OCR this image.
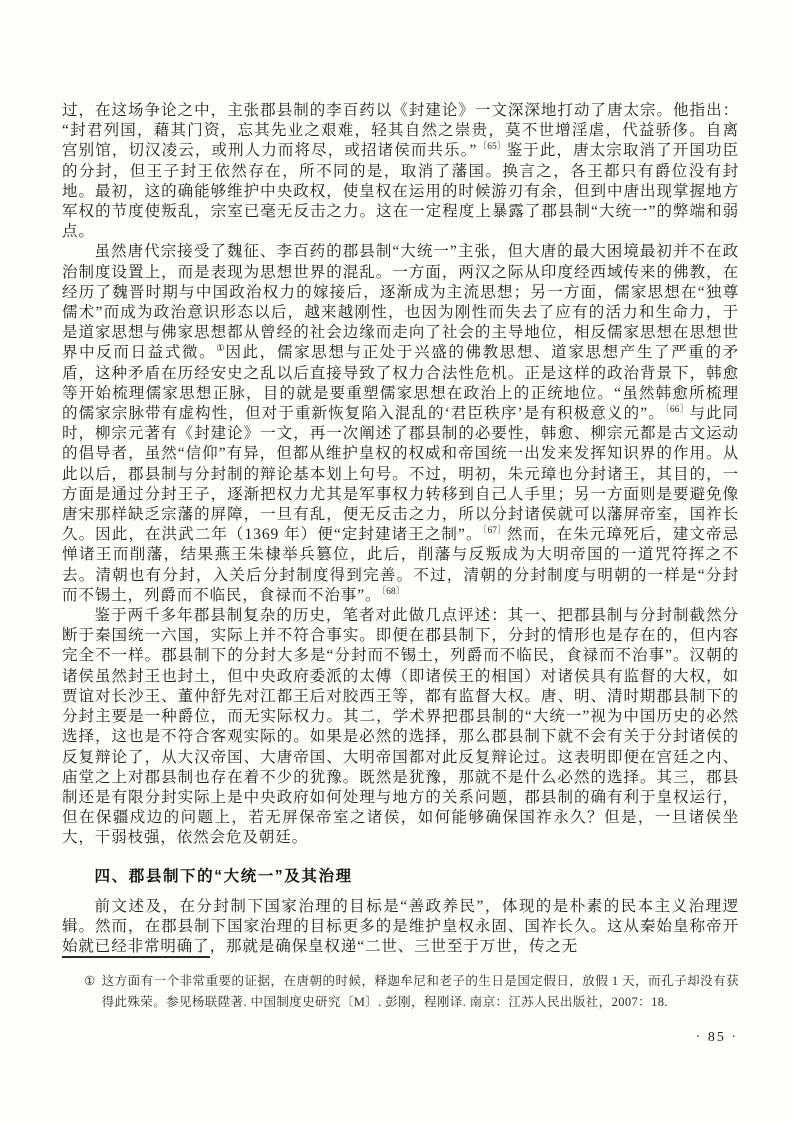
过，在这场争论之中，主张郡县制的李百药以《封建论》一文深深地打动了唐太宗。他指出：“封君列国，藉其门资，忘其先业之艰难，轻其自然之崇贵，莫不世增淫虐，代益骄侈。自离宫别馆，切汉凌云，或刑人力而将尽，或招诸侯而共乐。”$^{〔65〕}$鉴于此，唐太宗取消了开国功臣的分封，但王子封王依然存在，所不同的是，取消了藩国。换言之，各王都只有爵位没有封地。最初，这的确能够维护中央政权，使皇权在运用的时候游刃有余，但到中唐出现掌握地方军权的节度使叛乱，宗室已毫无反击之力。这在一定程度上暴露了郡县制“大统一”的弊端和弱点。

虽然唐代宗接受了魏征、李百药的郡县制“大统一”主张，但大唐的最大困境最初并不在政治制度设置上，而是表现为思想世界的混乱。一方面，两汉之际从印度经西域传来的佛教，在经历了魏晋时期与中国政治权力的嫁接后，逐渐成为主流思想；另一方面，儒家思想在“独尊儒术”而成为政治意识形态以后，越来越刚性，也因为刚性而失去了应有的活力和生命力，于是道家思想与佛家思想都从曾经的社会边缘而走向了社会的主导地位，相反儒家思想在思想世界中反而日益式微。①因此，儒家思想与正处于兴盛的佛教思想、道家思想产生了严重的矛盾，这种矛盾在历经安史之乱以后直接导致了权力合法性危机。正是这样的政治背景下，韩愈等开始梳理儒家思想正脉，目的就是要重塑儒家思想在政治上的正统地位。“虽然韩愈所梳理的儒家宗脉带有虚构性，但对于重新恢复陷入混乱的‘君臣秩序’是有积极意义的”。$^{〔66〕}$与此同时，柳宗元著有《封建论》一文，再一次阐述了郡县制的必要性，韩愈、柳宗元都是古文运动的倡导者，虽然“信仰”有异，但都从维护皇权的权威和帝国统一出发来发挥知识界的作用。从此以后，郡县制与分封制的辩论基本划上句号。不过，明初，朱元璋也分封诸王，其目的，一方面是通过分封王子，逐渐把权力尤其是军事权力转移到自己人手里；另一方面则是要避免像唐宋那样缺乏宗藩的屏障，一旦有乱，便无反击之力，所以分封诸侯就可以藩屏帝室，国祚长久。因此，在洪武二年（1369 年）便“定封建诸王之制”。$^{〔67〕}$然而，在朱元璋死后，建文帝忌惮诸王而削藩，结果燕王朱棣举兵篡位，此后，削藩与反叛成为大明帝国的一道咒符挥之不去。清朝也有分封，入关后分封制度得到完善。不过，清朝的分封制度与明朝的一样是“分封而不锡土，列爵而不临民，食禄而不治事”。$^{〔68〕}$

鉴于两千多年郡县制复杂的历史，笔者对此做几点评述：其一、把郡县制与分封制截然分断于秦国统一六国，实际上并不符合事实。即便在郡县制下，分封的情形也是存在的，但内容完全不一样。郡县制下的分封大多是“分封而不锡土，列爵而不临民，食禄而不治事”。汉朝的诸侯虽然封王也封土，但中央政府委派的太傅（即诸侯王的相国）对诸侯具有监督的大权，如贾谊对长沙王、董仲舒先对江都王后对胶西王等，都有监督大权。唐、明、清时期郡县制下的分封主要是一种爵位，而无实际权力。其二，学术界把郡县制的“大统一”视为中国历史的必然选择，这也是不符合客观实际的。如果是必然的选择，那么郡县制下就不会有关于分封诸侯的反复辩论了，从大汉帝国、大唐帝国、大明帝国都对此反复辩论过。这表明即便在宫廷之内、庙堂之上对郡县制也存在着不少的犹豫。既然是犹豫，那就不是什么必然的选择。其三，郡县制还是有限分封实际上是中央政府如何处理与地方的关系问题，郡县制的确有利于皇权运行，但在保疆戍边的问题上，若无屏保帝室之诸侯，如何能够确保国祚永久？但是，一旦诸侯坐大，干弱枝强，依然会危及朝廷。

四、郡县制下的“大统一”及其治理

前文述及，在分封制下国家治理的目标是“善政养民”，体现的是朴素的民本主义治理逻辑。然而，在郡县制下国家治理的目标更多的是维护皇权永固、国祚长久。这从秦始皇称帝开始就已经非常明确了，那就是确保皇权递“二世、三世至于万世，传之无

① 这方面有一个非常重要的证据，在唐朝的时候，释迦牟尼和老子的生日是国定假日，放假 1 天，而孔子却没有获得此殊荣。参见杨联陞著. 中国制度史研究〔M〕. 彭刚，程刚译. 南京：江苏人民出版社，2007：18.
· 85 ·
